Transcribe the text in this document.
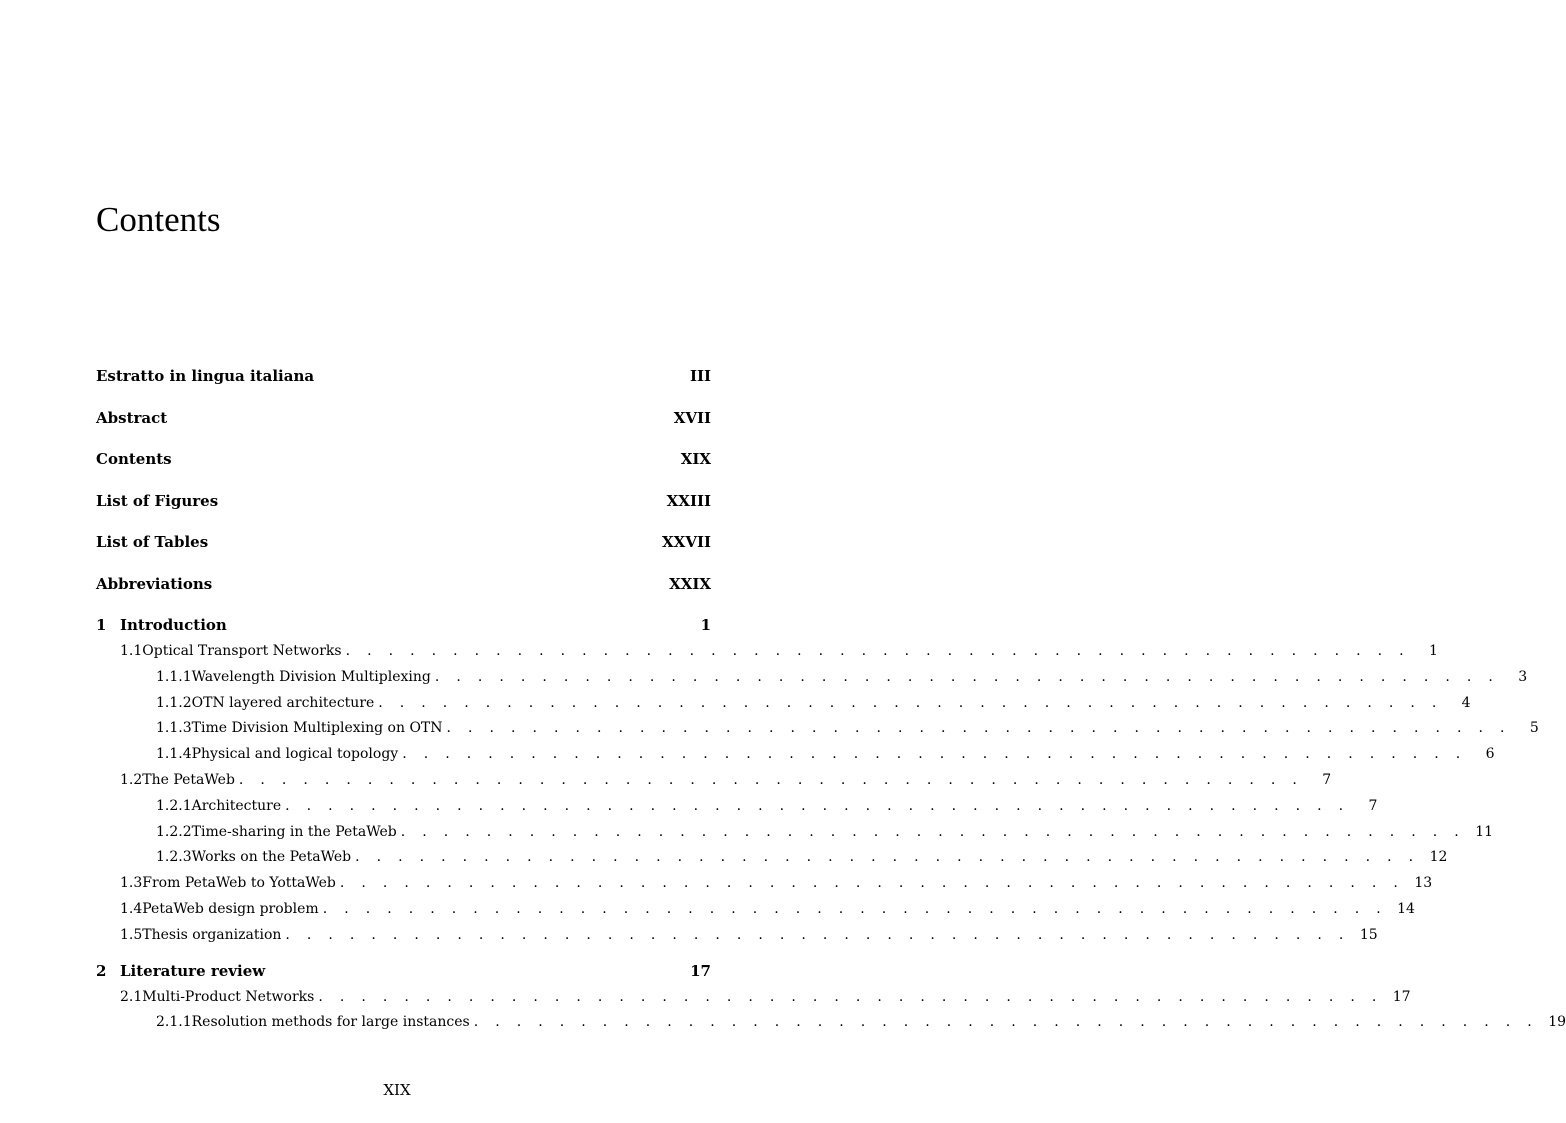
Contents
Estratto in lingua italiana	III
Abstract	XVII
Contents	XIX
List of Figures	XXIII
List of Tables	XXVII
Abbreviations	XXIX
1 Introduction	1
1.1 Optical Transport Networks . . . . . . . . . . . . . . . . . . . . . . . . . . . . . . . . . . . . . . . . . . . . . . . . . .	1
1.1.1 Wavelength Division Multiplexing . . . . . . . . . . . . . . . . . . . . . . . . . . . . . . . . . . . . . . . . . . . . . . . . . .	3
1.1.2 OTN layered architecture . . . . . . . . . . . . . . . . . . . . . . . . . . . . . . . . . . . . . . . . . . . . . . . . . .	4
1.1.3 Time Division Multiplexing on OTN . . . . . . . . . . . . . . . . . . . . . . . . . . . . . . . . . . . . . . . . . . . . . . . . . .	5
1.1.4 Physical and logical topology . . . . . . . . . . . . . . . . . . . . . . . . . . . . . . . . . . . . . . . . . . . . . . . . . .	6
1.2 The PetaWeb . . . . . . . . . . . . . . . . . . . . . . . . . . . . . . . . . . . . . . . . . . . . . . . . . .	7
1.2.1 Architecture . . . . . . . . . . . . . . . . . . . . . . . . . . . . . . . . . . . . . . . . . . . . . . . . . .	7
1.2.2 Time-sharing in the PetaWeb . . . . . . . . . . . . . . . . . . . . . . . . . . . . . . . . . . . . . . . . . . . . . . . . . . 11
1.2.3 Works on the PetaWeb . . . . . . . . . . . . . . . . . . . . . . . . . . . . . . . . . . . . . . . . . . . . . . . . . . 12
1.3 From PetaWeb to YottaWeb . . . . . . . . . . . . . . . . . . . . . . . . . . . . . . . . . . . . . . . . . . . . . . . . . . 13
1.4 PetaWeb design problem . . . . . . . . . . . . . . . . . . . . . . . . . . . . . . . . . . . . . . . . . . . . . . . . . . 14
1.5 Thesis organization . . . . . . . . . . . . . . . . . . . . . . . . . . . . . . . . . . . . . . . . . . . . . . . . . . 15
2 Literature review	17
2.1 Multi-Product Networks . . . . . . . . . . . . . . . . . . . . . . . . . . . . . . . . . . . . . . . . . . . . . . . . . . 17
2.1.1 Resolution methods for large instances . . . . . . . . . . . . . . . . . . . . . . . . . . . . . . . . . . . . . . . . . . . . . . . . . . 19
XIX
